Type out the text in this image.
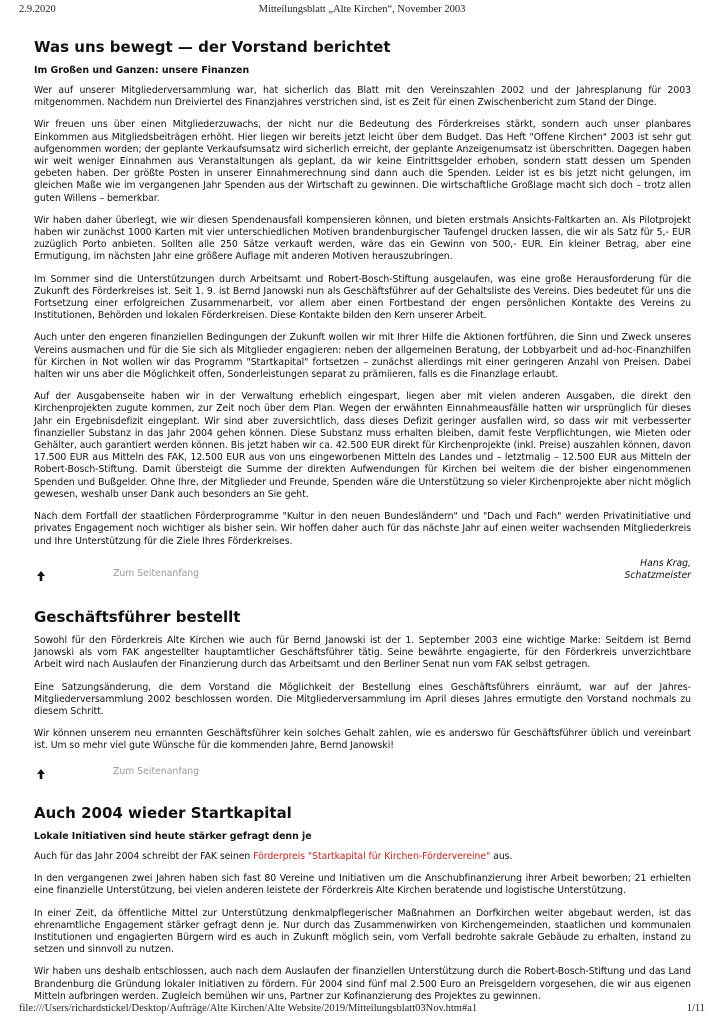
2.9.2020	Mitteilungsblatt „Alte Kirchen“, November 2003
Was uns bewegt — der Vorstand berichtet
Im Großen und Ganzen: unsere Finanzen

Wer auf unserer Mitgliederversammlung war, hat sicherlich das Blatt mit den Vereinszahlen 2002 und der Jahresplanung für 2003 mitgenommen. Nachdem nun Dreiviertel des Finanzjahres verstrichen sind, ist es Zeit für einen Zwischenbericht zum Stand der Dinge.

Wir freuen uns über einen Mitgliederzuwachs, der nicht nur die Bedeutung des Förderkreises stärkt, sondern auch unser planbares Einkommen aus Mitgliedsbeiträgen erhöht. Hier liegen wir bereits jetzt leicht über dem Budget. Das Heft "Offene Kirchen" 2003 ist sehr gut aufgenommen worden; der geplante Verkaufsumsatz wird sicherlich erreicht, der geplante Anzeigenumsatz ist überschritten. Dagegen haben wir weit weniger Einnahmen aus Veranstaltungen als geplant, da wir keine Eintrittsgelder erhoben, sondern statt dessen um Spenden gebeten haben. Der größte Posten in unserer Einnahmerechnung sind dann auch die Spenden. Leider ist es bis jetzt nicht gelungen, im gleichen Maße wie im vergangenen Jahr Spenden aus der Wirtschaft zu gewinnen. Die wirtschaftliche Großlage macht sich doch – trotz allen guten Willens – bemerkbar.

Wir haben daher überlegt, wie wir diesen Spendenausfall kompensieren können, und bieten erstmals Ansichts-Faltkarten an. Als Pilotprojekt haben wir zunächst 1000 Karten mit vier unterschiedlichen Motiven brandenburgischer Taufengel drucken lassen, die wir als Satz für 5,- EUR zuzüglich Porto anbieten. Sollten alle 250 Sätze verkauft werden, wäre das ein Gewinn von 500,- EUR. Ein kleiner Betrag, aber eine Ermutigung, im nächsten Jahr eine größere Auflage mit anderen Motiven herauszubringen.

Im Sommer sind die Unterstützungen durch Arbeitsamt und Robert-Bosch-Stiftung ausgelaufen, was eine große Herausforderung für die Zukunft des Förderkreises ist. Seit 1. 9. ist Bernd Janowski nun als Geschäftsführer auf der Gehaltsliste des Vereins. Dies bedeutet für uns die Fortsetzung einer erfolgreichen Zusammenarbeit, vor allem aber einen Fortbestand der engen persönlichen Kontakte des Vereins zu Institutionen, Behörden und lokalen Förderkreisen. Diese Kontakte bilden den Kern unserer Arbeit.

Auch unter den engeren finanziellen Bedingungen der Zukunft wollen wir mit Ihrer Hilfe die Aktionen fortführen, die Sinn und Zweck unseres Vereins ausmachen und für die Sie sich als Mitglieder engagieren: neben der allgemeinen Beratung, der Lobbyarbeit und ad-hoc-Finanzhilfen für Kirchen in Not wollen wir das Programm "Startkapital" fortsetzen – zunächst allerdings mit einer geringeren Anzahl von Preisen. Dabei halten wir uns aber die Möglichkeit offen, Sonderleistungen separat zu prämiieren, falls es die Finanzlage erlaubt.

Auf der Ausgabenseite haben wir in der Verwaltung erheblich eingespart, liegen aber mit vielen anderen Ausgaben, die direkt den Kirchenprojekten zugute kommen, zur Zeit noch über dem Plan. Wegen der erwähnten Einnahmeausfälle hatten wir ursprünglich für dieses Jahr ein Ergebnisdefizit eingeplant. Wir sind aber zuversichtlich, dass dieses Defizit geringer ausfallen wird, so dass wir mit verbesserter finanzieller Substanz in das Jahr 2004 gehen können. Diese Substanz muss erhalten bleiben, damit feste Verpflichtungen, wie Mieten oder Gehälter, auch garantiert werden können. Bis jetzt haben wir ca. 42.500 EUR direkt für Kirchenprojekte (inkl. Preise) auszahlen können, davon 17.500 EUR aus Mitteln des FAK, 12.500 EUR aus von uns eingeworbenen Mitteln des Landes und – letztmalig – 12.500 EUR aus Mitteln der Robert-Bosch-Stiftung. Damit übersteigt die Summe der direkten Aufwendungen für Kirchen bei weitem die der bisher eingenommenen Spenden und Bußgelder. Ohne Ihre, der Mitglieder und Freunde, Spenden wäre die Unterstützung so vieler Kirchenprojekte aber nicht möglich gewesen, weshalb unser Dank auch besonders an Sie geht.

Nach dem Fortfall der staatlichen Förderprogramme "Kultur in den neuen Bundesländern" und "Dach und Fach" werden Privatinitiative und privates Engagement noch wichtiger als bisher sein. Wir hoffen daher auch für das nächste Jahr auf einen weiter wachsenden Mitgliederkreis und Ihre Unterstützung für die Ziele Ihres Förderkreises.

Hans Krag,
Schatzmeister
Zum Seitenanfang
Geschäftsführer bestellt

Sowohl für den Förderkreis Alte Kirchen wie auch für Bernd Janowski ist der 1. September 2003 eine wichtige Marke: Seitdem ist Bernd Janowski als vom FAK angestellter hauptamtlicher Geschäftsführer tätig. Seine bewährte engagierte, für den Förderkreis unverzichtbare Arbeit wird nach Auslaufen der Finanzierung durch das Arbeitsamt und den Berliner Senat nun vom FAK selbst getragen.

Eine Satzungsänderung, die dem Vorstand die Möglichkeit der Bestellung eines Geschäftsführers einräumt, war auf der Jahres-Mitgliederversammlung 2002 beschlossen worden. Die Mitgliederversammlung im April dieses Jahres ermutigte den Vorstand nochmals zu diesem Schritt.

Wir können unserem neu ernannten Geschäftsführer kein solches Gehalt zahlen, wie es anderswo für Geschäftsführer üblich und vereinbart ist. Um so mehr viel gute Wünsche für die kommenden Jahre, Bernd Janowski!

Zum Seitenanfang
Auch 2004 wieder Startkapital
Lokale Initiativen sind heute stärker gefragt denn je

Auch für das Jahr 2004 schreibt der FAK seinen Förderpreis "Startkapital für Kirchen-Fördervereine" aus.

In den vergangenen zwei Jahren haben sich fast 80 Vereine und Initiativen um die Anschubfinanzierung ihrer Arbeit beworben; 21 erhielten eine finanzielle Unterstützung, bei vielen anderen leistete der Förderkreis Alte Kirchen beratende und logistische Unterstützung.

In einer Zeit, da öffentliche Mittel zur Unterstützung denkmalpflegerischer Maßnahmen an Dorfkirchen weiter abgebaut werden, ist das ehrenamtliche Engagement stärker gefragt denn je. Nur durch das Zusammenwirken von Kirchengemeinden, staatlichen und kommunalen Institutionen und engagierten Bürgern wird es auch in Zukunft möglich sein, vom Verfall bedrohte sakrale Gebäude zu erhalten, instand zu setzen und sinnvoll zu nutzen.

Wir haben uns deshalb entschlossen, auch nach dem Auslaufen der finanziellen Unterstützung durch die Robert-Bosch-Stiftung und das Land Brandenburg die Gründung lokaler Initiativen zu fördern. Für 2004 sind fünf mal 2.500 Euro an Preisgeldern vorgesehen, die wir aus eigenen Mitteln aufbringen werden. Zugleich bemühen wir uns, Partner zur Kofinanzierung des Projektes zu gewinnen.

file:///Users/richardstickel/Desktop/Aufträge/Alte Kirchen/Alte Website/2019/Mitteilungsblatt03Nov.htm#a1	1/11
